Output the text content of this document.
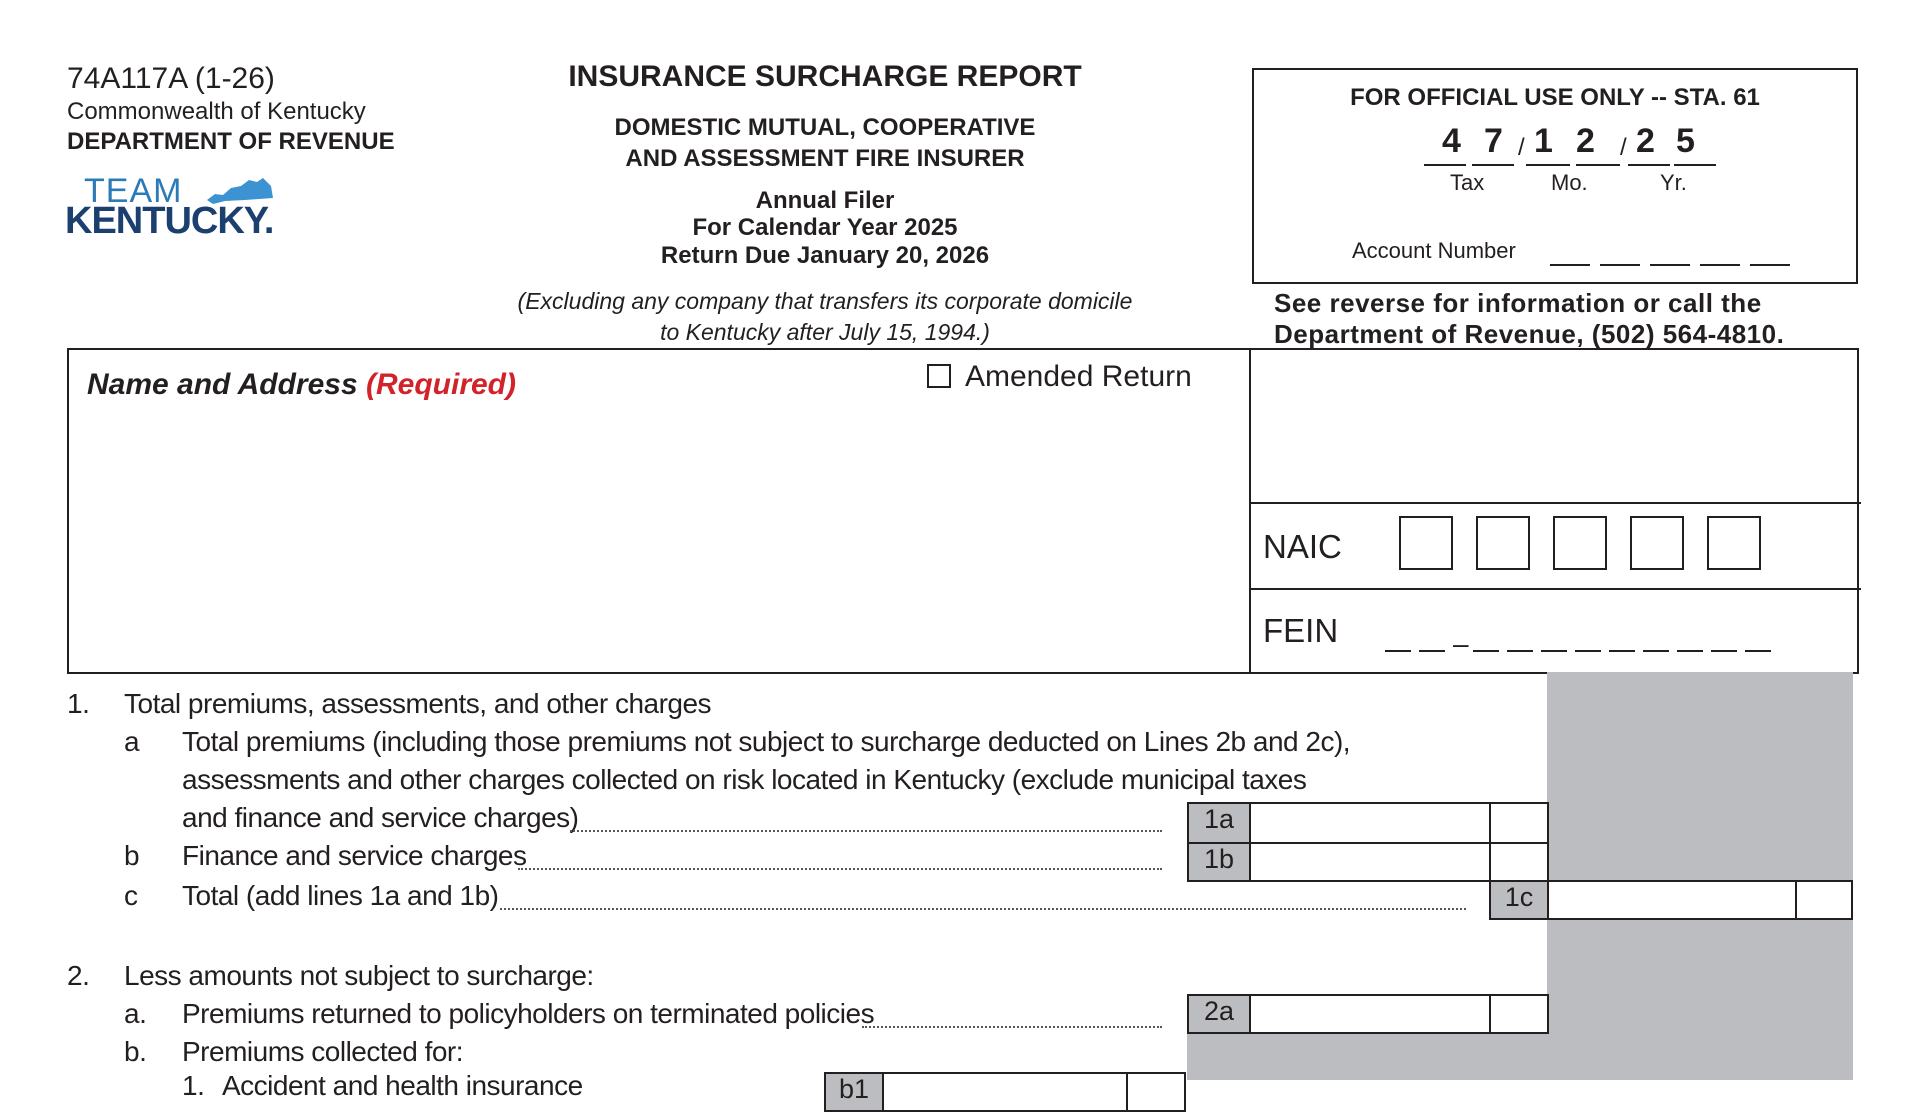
74A117A (1-26)
Commonwealth of Kentucky
DEPARTMENT OF REVENUE
TEAM
KENTUCKY.
INSURANCE SURCHARGE REPORT
DOMESTIC MUTUAL, COOPERATIVE
AND ASSESSMENT FIRE INSURER
Annual Filer
For Calendar Year 2025
Return Due January 20, 2026
(Excluding any company that transfers its corporate domicile
to Kentucky after July 15, 1994.)
FOR OFFICIAL USE ONLY -- STA. 61
4 7 / 1 2 / 2 5
Tax	Mo.	Yr.
Account Number
See reverse for information or call the
Department of Revenue, (502) 564-4810.
Name and Address (Required)	Amended Return
NAIC
FEIN	–
1. Total premiums, assessments, and other charges
a Total premiums (including those premiums not subject to surcharge deducted on Lines 2b and 2c),
assessments and other charges collected on risk located in Kentucky (exclude municipal taxes
and finance and service charges)	1a
b Finance and service charges	1b
c Total (add lines 1a and 1b)	1c
2. Less amounts not subject to surcharge:
a. Premiums returned to policyholders on terminated policies	2a
b. Premiums collected for:
1. Accident and health insurance	b1
